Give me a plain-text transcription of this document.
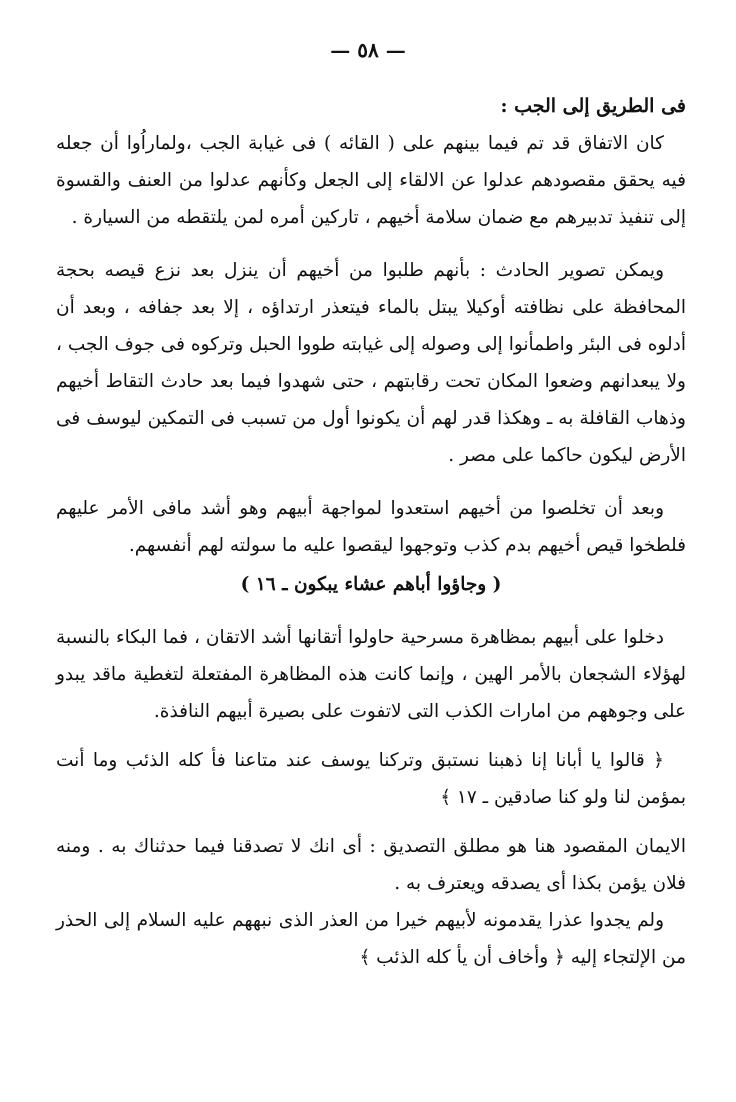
— ٥٨ —

فى الطريق إلى الجب :

كان الاتفاق قد تم فيما بينهم على ( القائه ) فى غيابة الجب ،ولماراُوا أن جعله فيه يحقق مقصودهم عدلوا عن الالقاء إلى الجعل وكأنهم عدلوا من العنف والقسوة إلى تنفيذ تدبيرهم مع ضمان سلامة أخيهم ، تاركين أمره لمن يلتقطه من السيارة .

ويمكن تصوير الحادث : بأنهم طلبوا من أخيهم أن ينزل بعد نزع قيصه بحجة المحافظة على نظافته أوكيلا يبتل بالماء فيتعذر ارتداؤه ، إلا بعد جفافه ، وبعد أن أدلوه فى البئر واطمأنوا إلى وصوله إلى غيابته طووا الحبل وتركوه فى جوف الجب ، ولا يبعدانهم وضعوا المكان تحت رقابتهم ، حتى شهدوا فيما بعد حادث التقاط أخيهم وذهاب القافلة به ـ وهكذا قدر لهم أن يكونوا أول من تسبب فى التمكين ليوسف فى الأرض ليكون حاكما على مصر .

وبعد أن تخلصوا من أخيهم استعدوا لمواجهة أبيهم وهو أشد مافى الأمر عليهم فلطخوا قيص أخيهم بدم كذب وتوجهوا ليقصوا عليه ما سولته لهم أنفسهم.

( وجاؤوا أباهم عشاء يبكون ـ ١٦ )

دخلوا على أبيهم بمظاهرة مسرحية حاولوا أتقانها أشد الاتقان ، فما البكاء بالنسبة لهؤلاء الشجعان بالأمر الهين ، وإنما كانت هذه المظاهرة المفتعلة لتغطية ماقد يبدو على وجوههم من امارات الكذب التى لاتفوت على بصيرة أبيهم النافذة.

﴿ قالوا يا أبانا إنا ذهبنا نستبق وتركنا يوسف عند متاعنا فأ كله الذئب وما أنت بمؤمن لنا ولو كنا صادقين ـ ١٧ ﴾

الايمان المقصود هنا هو مطلق التصديق : أى انك لا تصدقنا فيما حدثناك به . ومنه فلان يؤمن بكذا أى يصدقه ويعترف به .

ولم يجدوا عذرا يقدمونه لأبيهم خيرا من العذر الذى نبههم عليه السلام إلى الحذر من الإلتجاء إليه ﴿ وأخاف أن يأ كله الذئب ﴾
